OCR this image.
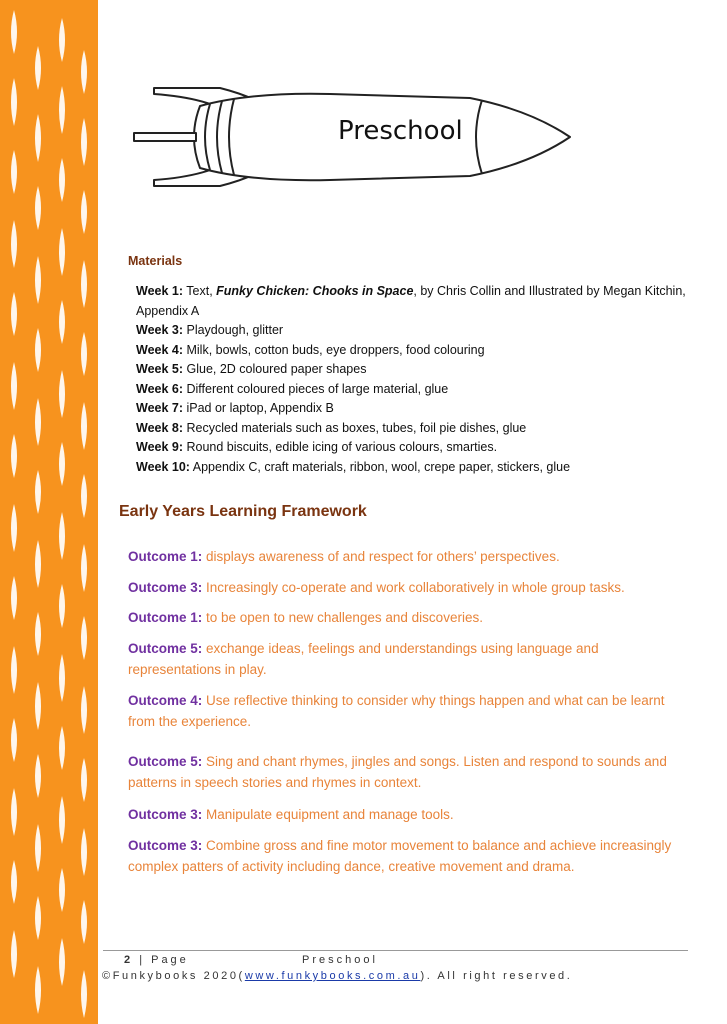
Preschool
Materials
Week 1: Text, Funky Chicken: Chooks in Space, by Chris Collin and Illustrated by Megan Kitchin, Appendix A
Week 3: Playdough, glitter
Week 4: Milk, bowls, cotton buds, eye droppers, food colouring
Week 5: Glue, 2D coloured paper shapes
Week 6: Different coloured pieces of large material, glue
Week 7: iPad or laptop, Appendix B
Week 8: Recycled materials such as boxes, tubes, foil pie dishes, glue
Week 9: Round biscuits, edible icing of various colours, smarties.
Week 10: Appendix C, craft materials, ribbon, wool, crepe paper, stickers, glue
Early Years Learning Framework
Outcome 1: displays awareness of and respect for others’ perspectives.
Outcome 3: Increasingly co-operate and work collaboratively in whole group tasks.
Outcome 1: to be open to new challenges and discoveries.
Outcome 5: exchange ideas, feelings and understandings using language and representations in play.
Outcome 4: Use reflective thinking to consider why things happen and what can be learnt from the experience.
Outcome 5: Sing and chant rhymes, jingles and songs. Listen and respond to sounds and patterns in speech stories and rhymes in context.
Outcome 3: Manipulate equipment and manage tools.
Outcome 3: Combine gross and fine motor movement to balance and achieve increasingly complex patters of activity including dance, creative movement and drama.
2 | Page	Preschool
©Funkybooks 2020(www.funkybooks.com.au). All right reserved.
